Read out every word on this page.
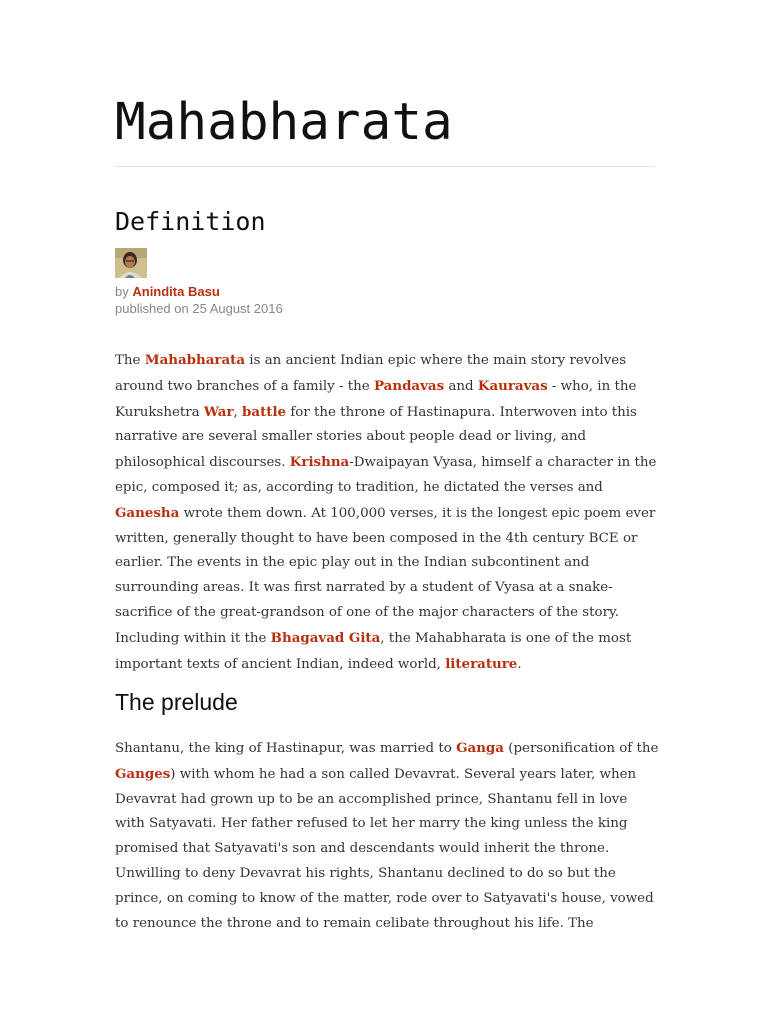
Mahabharata
Definition
by Anindita Basu
published on 25 August 2016

The Mahabharata is an ancient Indian epic where the main story revolves around two branches of a family - the Pandavas and Kauravas - who, in the Kurukshetra War, battle for the throne of Hastinapura. Interwoven into this narrative are several smaller stories about people dead or living, and philosophical discourses. Krishna-Dwaipayan Vyasa, himself a character in the epic, composed it; as, according to tradition, he dictated the verses and Ganesha wrote them down. At 100,000 verses, it is the longest epic poem ever written, generally thought to have been composed in the 4th century BCE or earlier. The events in the epic play out in the Indian subcontinent and surrounding areas. It was first narrated by a student of Vyasa at a snake-sacrifice of the great-grandson of one of the major characters of the story. Including within it the Bhagavad Gita, the Mahabharata is one of the most important texts of ancient Indian, indeed world, literature.

The prelude

Shantanu, the king of Hastinapur, was married to Ganga (personification of the Ganges) with whom he had a son called Devavrat. Several years later, when Devavrat had grown up to be an accomplished prince, Shantanu fell in love with Satyavati. Her father refused to let her marry the king unless the king promised that Satyavati's son and descendants would inherit the throne. Unwilling to deny Devavrat his rights, Shantanu declined to do so but the prince, on coming to know of the matter, rode over to Satyavati's house, vowed to renounce the throne and to remain celibate throughout his life. The
